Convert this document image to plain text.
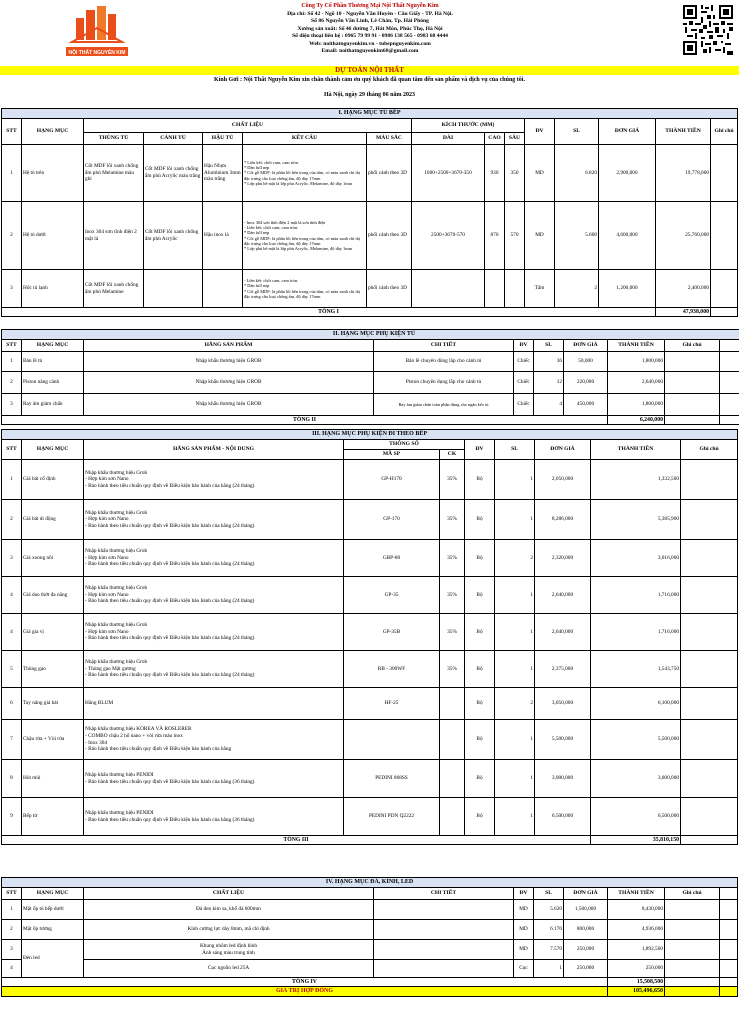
NỘI THẤT NGUYỄN KIM
Công Ty Cổ Phần Thương Mại Nội Thất Nguyễn Kim
Địa chỉ: Số 42 - Ngõ 10 - Nguyễn Văn Huyên - Cầu Giấy - TP. Hà Nội.
Số 86 Nguyễn Văn Linh, Lê Chân, Tp. Hải Phòng
Xưởng sản xuất: Số 46 đường 7, Hát Môn, Phúc Thọ, Hà Nội
Số điện thoại liên hệ : 0965 79 99 91 - 0986 138 565 - 0983 68 4444
Web: noithatnguyenkim.vn - tubepnguyenkim.com
Email: noithatnguyenkim68@gmail.com
DỰ TOÁN NỘI THẤT
Kính Gửi : Nội Thất Nguyễn Kim xin chân thành cảm ơn quý khách đã quan tâm đến sản phẩm và dịch vụ của chúng tôi.
Hà Nội, ngày 29 tháng 06 năm 2023
I. HẠNG MỤC TỦ BẾP														
STT	HẠNG MỤC	CHẤT LIỆU					KÍCH THƯỚC (MM)			ĐV	SL	ĐƠN GIÁ	THÀNH TIỀN	Ghi chú
		THÙNG TỦ	CÁNH TỦ	HẬU TỦ	KẾT CẤU	MÀU SẮC	DÀI	CAO	SÂU					
1	Hệ tủ trên	Cốt MDF lõi xanh chống ẩm phủ Melamine màu ghi	Cốt MDF lõi xanh chống ẩm phủ Acrylic màu trắng	Hậu Nhựa Aluminium 3mm màu trắng	* Liên kết: chốt cam, cam tròn.
* Dán full nẹp
* Cốt gỗ MDF: là phần lõi bên trong của tấm, có màu xanh chỉ thị đặc trưng cho loại chống ẩm, độ dày 17mm
* Lớp phủ bề mặt là lớp phủ Acrylic, Melamine, độ dày 1mm	phối cảnh theo 3D	1000+2500+3670-350	930	350	MD	6.820	2,900,000	19,778,000	
2	Hệ tủ dưới	Inox 304 sơn tĩnh điện 2 mặt lá	Cốt MDF lõi xanh chống ẩm phủ Acrylic	Hậu inox lá	- Inox 304 sơn tĩnh điện 2 mặt lá sơn tĩnh điện
- Liên kết: chốt cam, cam tròn.
* Dán full nẹp
* Cốt gỗ MDF: là phần lõi bên trong của tấm, có màu xanh chỉ thị đặc trưng cho loại chống ẩm, độ dày 17mm
* Lớp phủ bề mặt là lớp phủ Acrylic, Melamine, độ dày 1mm	phối cảnh theo 3D	2500+3670-570	870	570	MD	5.600	4,600,000	25,760,000	
3	Hốc tủ lạnh	Cốt MDF lõi xanh chống ẩm phủ Melamine			- Liên kết: chốt cam, cam tròn.
* Dán full nẹp
* Cốt gỗ MDF: là phần lõi bên trong của tấm, có màu xanh chỉ thị đặc trưng cho loại chống ẩm, độ dày 17mm	phối cảnh theo 3D				Tấm	2	1,200,000	2,400,000	
TỔNG I													47,938,000	
II. HẠNG MỤC PHỤ KIỆN TỦ									
STT	HẠNG MỤC	HÃNG SẢN PHẨM	CHI TIẾT	ĐV	SL	ĐƠN GIÁ	THÀNH TIỀN	Ghi chú	
1	Bản lề tủ	Nhập khẩu thương hiệu GROB	Bản lề chuyên dùng lắp cho cánh tủ	Chiếc	36	50,000	1,800,000		
2	Piston nâng cánh	Nhập khẩu thương hiệu GROB	Piston chuyên dụng lắp cho cánh tủ	Chiếc	12	220,000	2,640,000		
3	Ray âm giảm chấn	Nhập khẩu thương hiệu GROB	Ray âm giảm chấn toàn phần dùng cho ngăn kéo tủ	Chiếc	4	450,000	1,800,000		
TỔNG II							6,240,000		
III. HẠNG MỤC PHỤ KIỆN ĐI THEO BẾP									
STT	HẠNG MỤC	HÃNG SẢN PHẨM - NỘI DUNG	THÔNG SỐ		ĐV	SL	ĐƠN GIÁ	THÀNH TIỀN	Ghi chú
			MÃ SP	CK					
1	Giá bát cố định	Nhập khẩu thương hiệu Grob
- Hợp kim sơn Nano
- Bảo hành theo tiêu chuẩn quy định về Điều kiện bảo hành của hãng (24 tháng)	GP-H170	35%	Bộ	1	2,050,000	1,332,500	
2	Giá bát di động	Nhập khẩu thương hiệu Grob
- Hợp kim sơn Nano
- Bảo hành theo tiêu chuẩn quy định về Điều kiện bảo hành của hãng (24 tháng)	GP-170	35%	Bộ	1	8,286,000	5,385,900	
3	Giá xoong nồi	Nhập khẩu thương hiệu Grob
- Hợp kim sơn Nano
- Bảo hành theo tiêu chuẩn quy định về Điều kiện bảo hành của hãng (24 tháng)	GBP-80	35%	Bộ	2	2,320,000	3,016,000	
4	Giá dao thớt đa năng	Nhập khẩu thương hiệu Grob
- Hợp kim sơn Nano
- Bảo hành theo tiêu chuẩn quy định về Điều kiện bảo hành của hãng (24 tháng)	GP-35	35%	Bộ	1	2,640,000	1,716,000	
4	Giá gia vị	Nhập khẩu thương hiệu Grob
- Hợp kim sơn Nano
- Bảo hành theo tiêu chuẩn quy định về Điều kiện bảo hành của hãng (24 tháng)	GP-35B	35%	Bộ	1	2,640,000	1,716,000	
5	Thùng gạo	Nhập khẩu thương hiệu Grob
- Thùng gạo Mặt gương
- Bảo hành theo tiêu chuẩn quy định về Điều kiện bảo hành của hãng (24 tháng)	RB - 300WF	35%	Bộ	1	2,375,000	1,543,750	
6	Tay nâng giá bát	Hãng BLUM	HF-25		Bộ	2	3,050,000	6,100,000	
7	Chậu rửa + Vòi rửa	Nhập khẩu thương hiệu KOREA VÀ ROSLERER
- COMBO chậu 2 hố nano + vòi rửa màu inox
- Inox 304
- Bảo hành theo tiêu chuẩn quy định về Điều kiện bảo hành của hãng			Bộ	1	5,500,000	5,500,000	
8	Hút mùi	Nhập khẩu thương hiệu PENIDI
- Bảo hành theo tiêu chuẩn quy định về Điều kiện bảo hành của hãng (36 tháng)	PEDINI 868SS		Bộ	1	3,000,000	3,000,000	
9	Bếp từ	Nhập khẩu thương hiệu PENIDI
- Bảo hành theo tiêu chuẩn quy định về Điều kiện bảo hành của hãng (36 tháng)	PEDINI PDN Q2222		Bộ	1	6,500,000	6,500,000	
TỔNG III								35,810,150	
IV. HẠNG MỤC ĐÁ, KÍNH, LED									
STT	HẠNG MỤC	CHẤT LIỆU	CHI TIẾT	ĐV	SL	ĐƠN GIÁ	THÀNH TIỀN	Ghi chú	
1	Mặt ốp tủ bếp dưới	Đá đen kim sa, khổ đá 600mm		MD	5.620	1,500,000	8,430,000		
2	Mặt ốp tường	Kính cường lực dày 8mm, mã chỉ định		MD	6.170	800,000	4,936,000		
3	Đèn led	Khung nhôm led định hình
Ánh sáng màu trung tính		MD	7.570	250,000	1,892,500		
4		Cục nguồn led 25A		Cục	1	250,000	250,000		
TỔNG IV							15,508,500		
GIÁ TRỊ HỢP ĐỒNG							105,496,650		
